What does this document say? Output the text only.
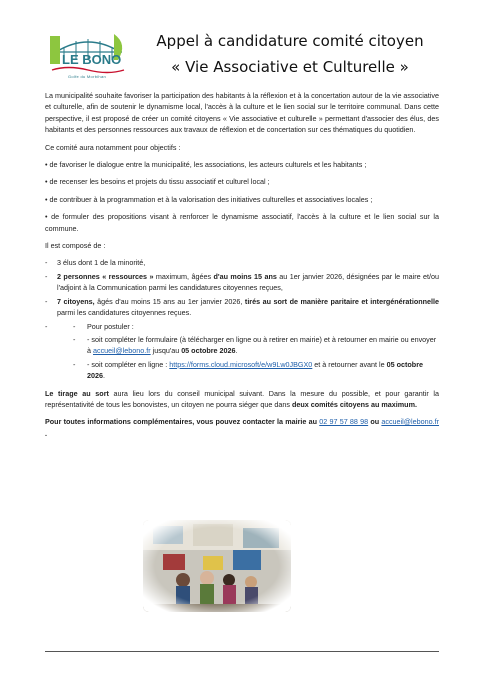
LE BONO
Golfe du Morbihan
Appel à candidature comité citoyen
« Vie Associative et Culturelle »

La municipalité souhaite favoriser la participation des habitants à la réflexion et à la concertation autour de la vie associative et culturelle, afin de soutenir le dynamisme local, l'accès à la culture et le lien social sur le territoire communal. Dans cette perspective, il est proposé de créer un comité citoyens « Vie associative et culturelle » permettant d'associer des élus, des habitants et des personnes ressources aux travaux de réflexion et de concertation sur ces thématiques du quotidien.

Ce comité aura notamment pour objectifs :

• de favoriser le dialogue entre la municipalité, les associations, les acteurs culturels et les habitants ;

• de recenser les besoins et projets du tissu associatif et culturel local ;

• de contribuer à la programmation et à la valorisation des initiatives culturelles et associatives locales ;

• de formuler des propositions visant à renforcer le dynamisme associatif, l'accès à la culture et le lien social sur la commune.

Il est composé de :

- 3 élus dont 1 de la minorité,
- 2 personnes « ressources » maximum, âgées d'au moins 15 ans au 1er janvier 2026, désignées par le maire et/ou l'adjoint à la Communication parmi les candidatures citoyennes reçues,
- 7 citoyens, âgés d'au moins 15 ans au 1er janvier 2026, tirés au sort de manière paritaire et intergénérationnelle parmi les candidatures citoyennes reçues.
- - Pour postuler :
- - soit compléter le formulaire (à télécharger en ligne ou à retirer en mairie) et à retourner en mairie ou envoyer à accueil@lebono.fr jusqu'au 05 octobre 2026.
- - soit compléter en ligne : https://forms.cloud.microsoft/e/w9Lw0JBGX0 et à retourner avant le 05 octobre 2026.

Le tirage au sort aura lieu lors du conseil municipal suivant. Dans la mesure du possible, et pour garantir la représentativité de tous les bonovistes, un citoyen ne pourra siéger que dans deux comités citoyens au maximum.

Pour toutes informations complémentaires, vous pouvez contacter la mairie au 02 97 57 88 98 ou accueil@lebono.fr .
